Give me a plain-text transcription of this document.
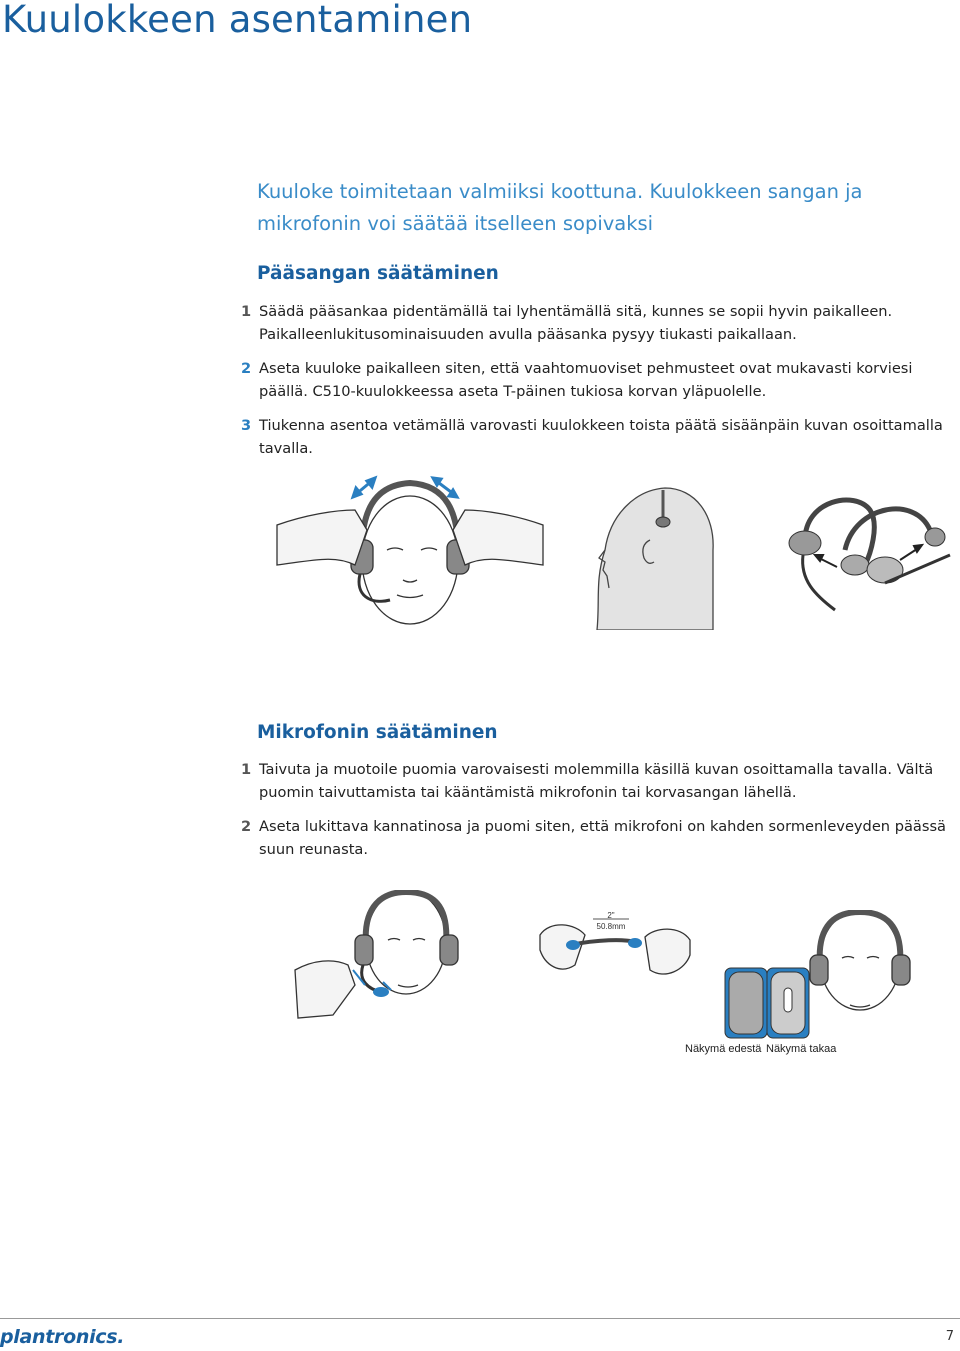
Kuulokkeen asentaminen
Kuuloke toimitetaan valmiiksi koottuna. Kuulokkeen sangan ja mikrofonin voi säätää itselleen sopivaksi
Pääsangan säätäminen
1 Säädä pääsankaa pidentämällä tai lyhentämällä sitä, kunnes se sopii hyvin paikalleen. Paikalleenlukitusominaisuuden avulla pääsanka pysyy tiukasti paikallaan.
2 Aseta kuuloke paikalleen siten, että vaahtomuoviset pehmusteet ovat mukavasti korviesi päällä. C510-kuulokkeessa aseta T-päinen tukiosa korvan yläpuolelle.
3 Tiukenna asentoa vetämällä varovasti kuulokkeen toista päätä sisäänpäin kuvan osoittamalla tavalla.
Mikrofonin säätäminen
1 Taivuta ja muotoile puomia varovaisesti molemmilla käsillä kuvan osoittamalla tavalla. Vältä puomin taivuttamista tai kääntämistä mikrofonin tai korvasangan lähellä.
2 Aseta lukittava kannatinosa ja puomi siten, että mikrofoni on kahden sormenleveyden päässä suun reunasta.
2"
50.8mm
Näkymä edestä Näkymä takaa
plantronics.	7
